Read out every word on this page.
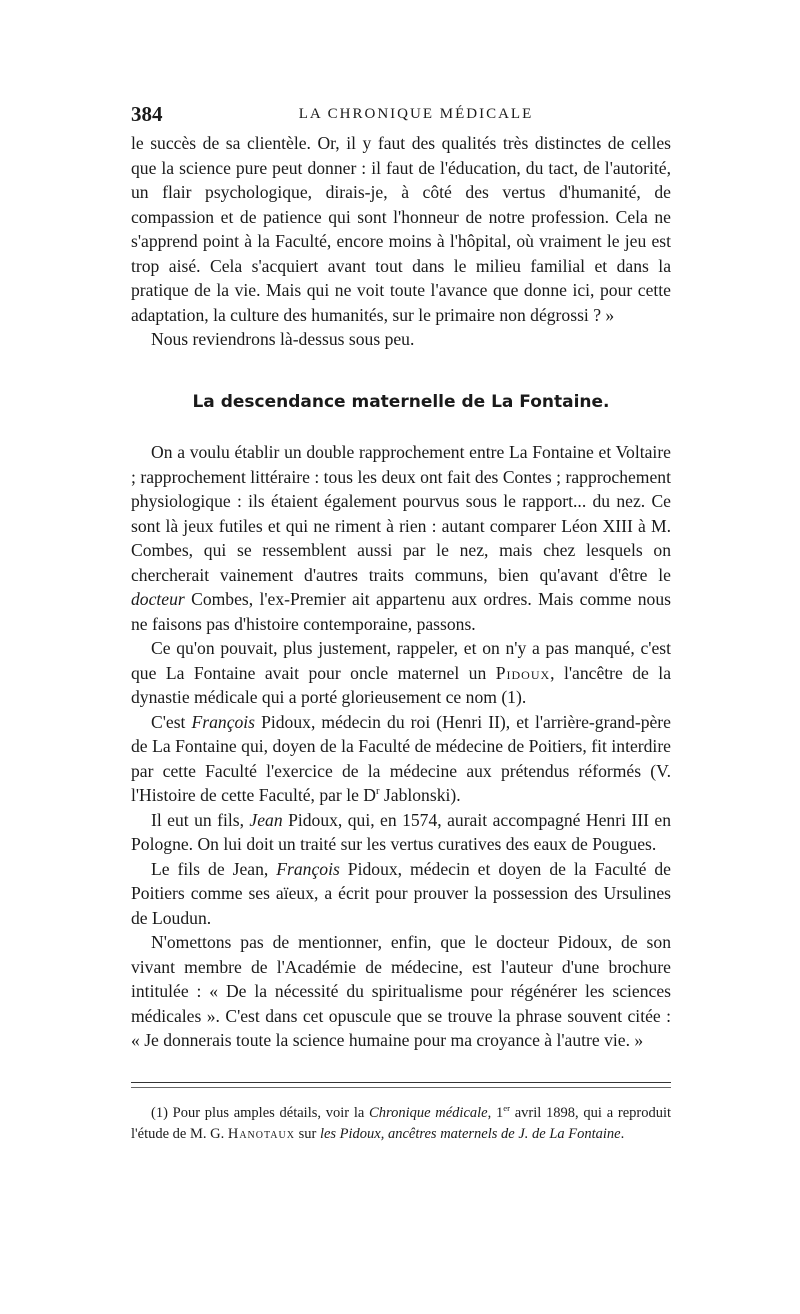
384	LA CHRONIQUE MÉDICALE

le succès de sa clientèle. Or, il y faut des qualités très distinctes de celles que la science pure peut donner : il faut de l'éducation, du tact, de l'autorité, un flair psychologique, dirais-je, à côté des vertus d'humanité, de compassion et de patience qui sont l'honneur de notre profession. Cela ne s'apprend point à la Faculté, encore moins à l'hôpital, où vraiment le jeu est trop aisé. Cela s'acquiert avant tout dans le milieu familial et dans la pratique de la vie. Mais qui ne voit toute l'avance que donne ici, pour cette adaptation, la culture des humanités, sur le primaire non dégrossi ? »

Nous reviendrons là-dessus sous peu.

La descendance maternelle de La Fontaine.

On a voulu établir un double rapprochement entre La Fontaine et Voltaire ; rapprochement littéraire : tous les deux ont fait des Contes ; rapprochement physiologique : ils étaient également pourvus sous le rapport... du nez. Ce sont là jeux futiles et qui ne riment à rien : autant comparer Léon XIII à M. Combes, qui se ressemblent aussi par le nez, mais chez lesquels on chercherait vainement d'autres traits communs, bien qu'avant d'être le docteur Combes, l'ex-Premier ait appartenu aux ordres. Mais comme nous ne faisons pas d'histoire contemporaine, passons.

Ce qu'on pouvait, plus justement, rappeler, et on n'y a pas manqué, c'est que La Fontaine avait pour oncle maternel un Pidoux, l'ancêtre de la dynastie médicale qui a porté glorieusement ce nom (1).

C'est François Pidoux, médecin du roi (Henri II), et l'arrière-grand-père de La Fontaine qui, doyen de la Faculté de médecine de Poitiers, fit interdire par cette Faculté l'exercice de la médecine aux prétendus réformés (V. l'Histoire de cette Faculté, par le $D^r$ Jablonski).

Il eut un fils, Jean Pidoux, qui, en 1574, aurait accompagné Henri III en Pologne. On lui doit un traité sur les vertus curatives des eaux de Pougues.

Le fils de Jean, François Pidoux, médecin et doyen de la Faculté de Poitiers comme ses aïeux, a écrit pour prouver la possession des Ursulines de Loudun.

N'omettons pas de mentionner, enfin, que le docteur Pidoux, de son vivant membre de l'Académie de médecine, est l'auteur d'une brochure intitulée : « De la nécessité du spiritualisme pour régénérer les sciences médicales ». C'est dans cet opuscule que se trouve la phrase souvent citée : « Je donnerais toute la science humaine pour ma croyance à l'autre vie. »

(1) Pour plus amples détails, voir la Chronique médicale, 1er avril 1898, qui a reproduit l'étude de M. G. Hanotaux sur les Pidoux, ancêtres maternels de J. de La Fontaine.
